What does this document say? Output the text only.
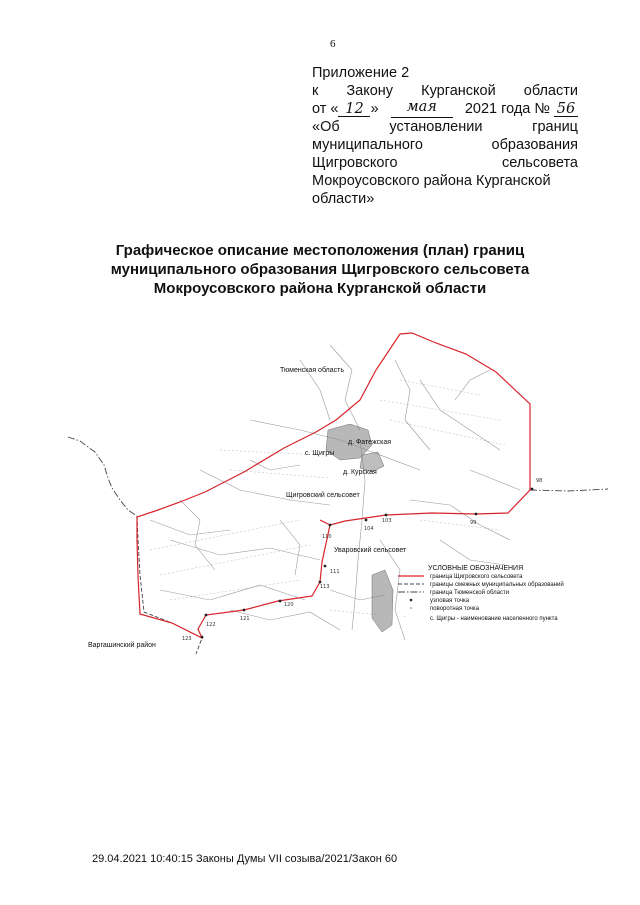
6
Приложение 2
к Закону Курганской области
от « 12 »	мая	2021 года № 56
«Об	установлении	границ
муниципального	образования
Щигровского	сельсовета
Мокроусовского района Курганской
области»
Графическое описание местоположения (план) границ
муниципального образования Щигровского сельсовета
Мокроусовского района Курганской области
98
99
103
104
110
111
113
120
121
122
123
Тюменская область
д. Фатежская
с. Щигры
д. Курская
Щигровский сельсовет
Уваровский сельсовет
Варгашинский район
УСЛОВНЫЕ ОБОЗНАЧЕНИЯ
·
граница Щигровского сельсовета
границы смежных муниципальных образований
граница Тюменской области
узловая точка
поворотная точка
с. Щигры - наименование населенного пункта
29.04.2021 10:40:15 Законы Думы VII созыва/2021/Закон 60
